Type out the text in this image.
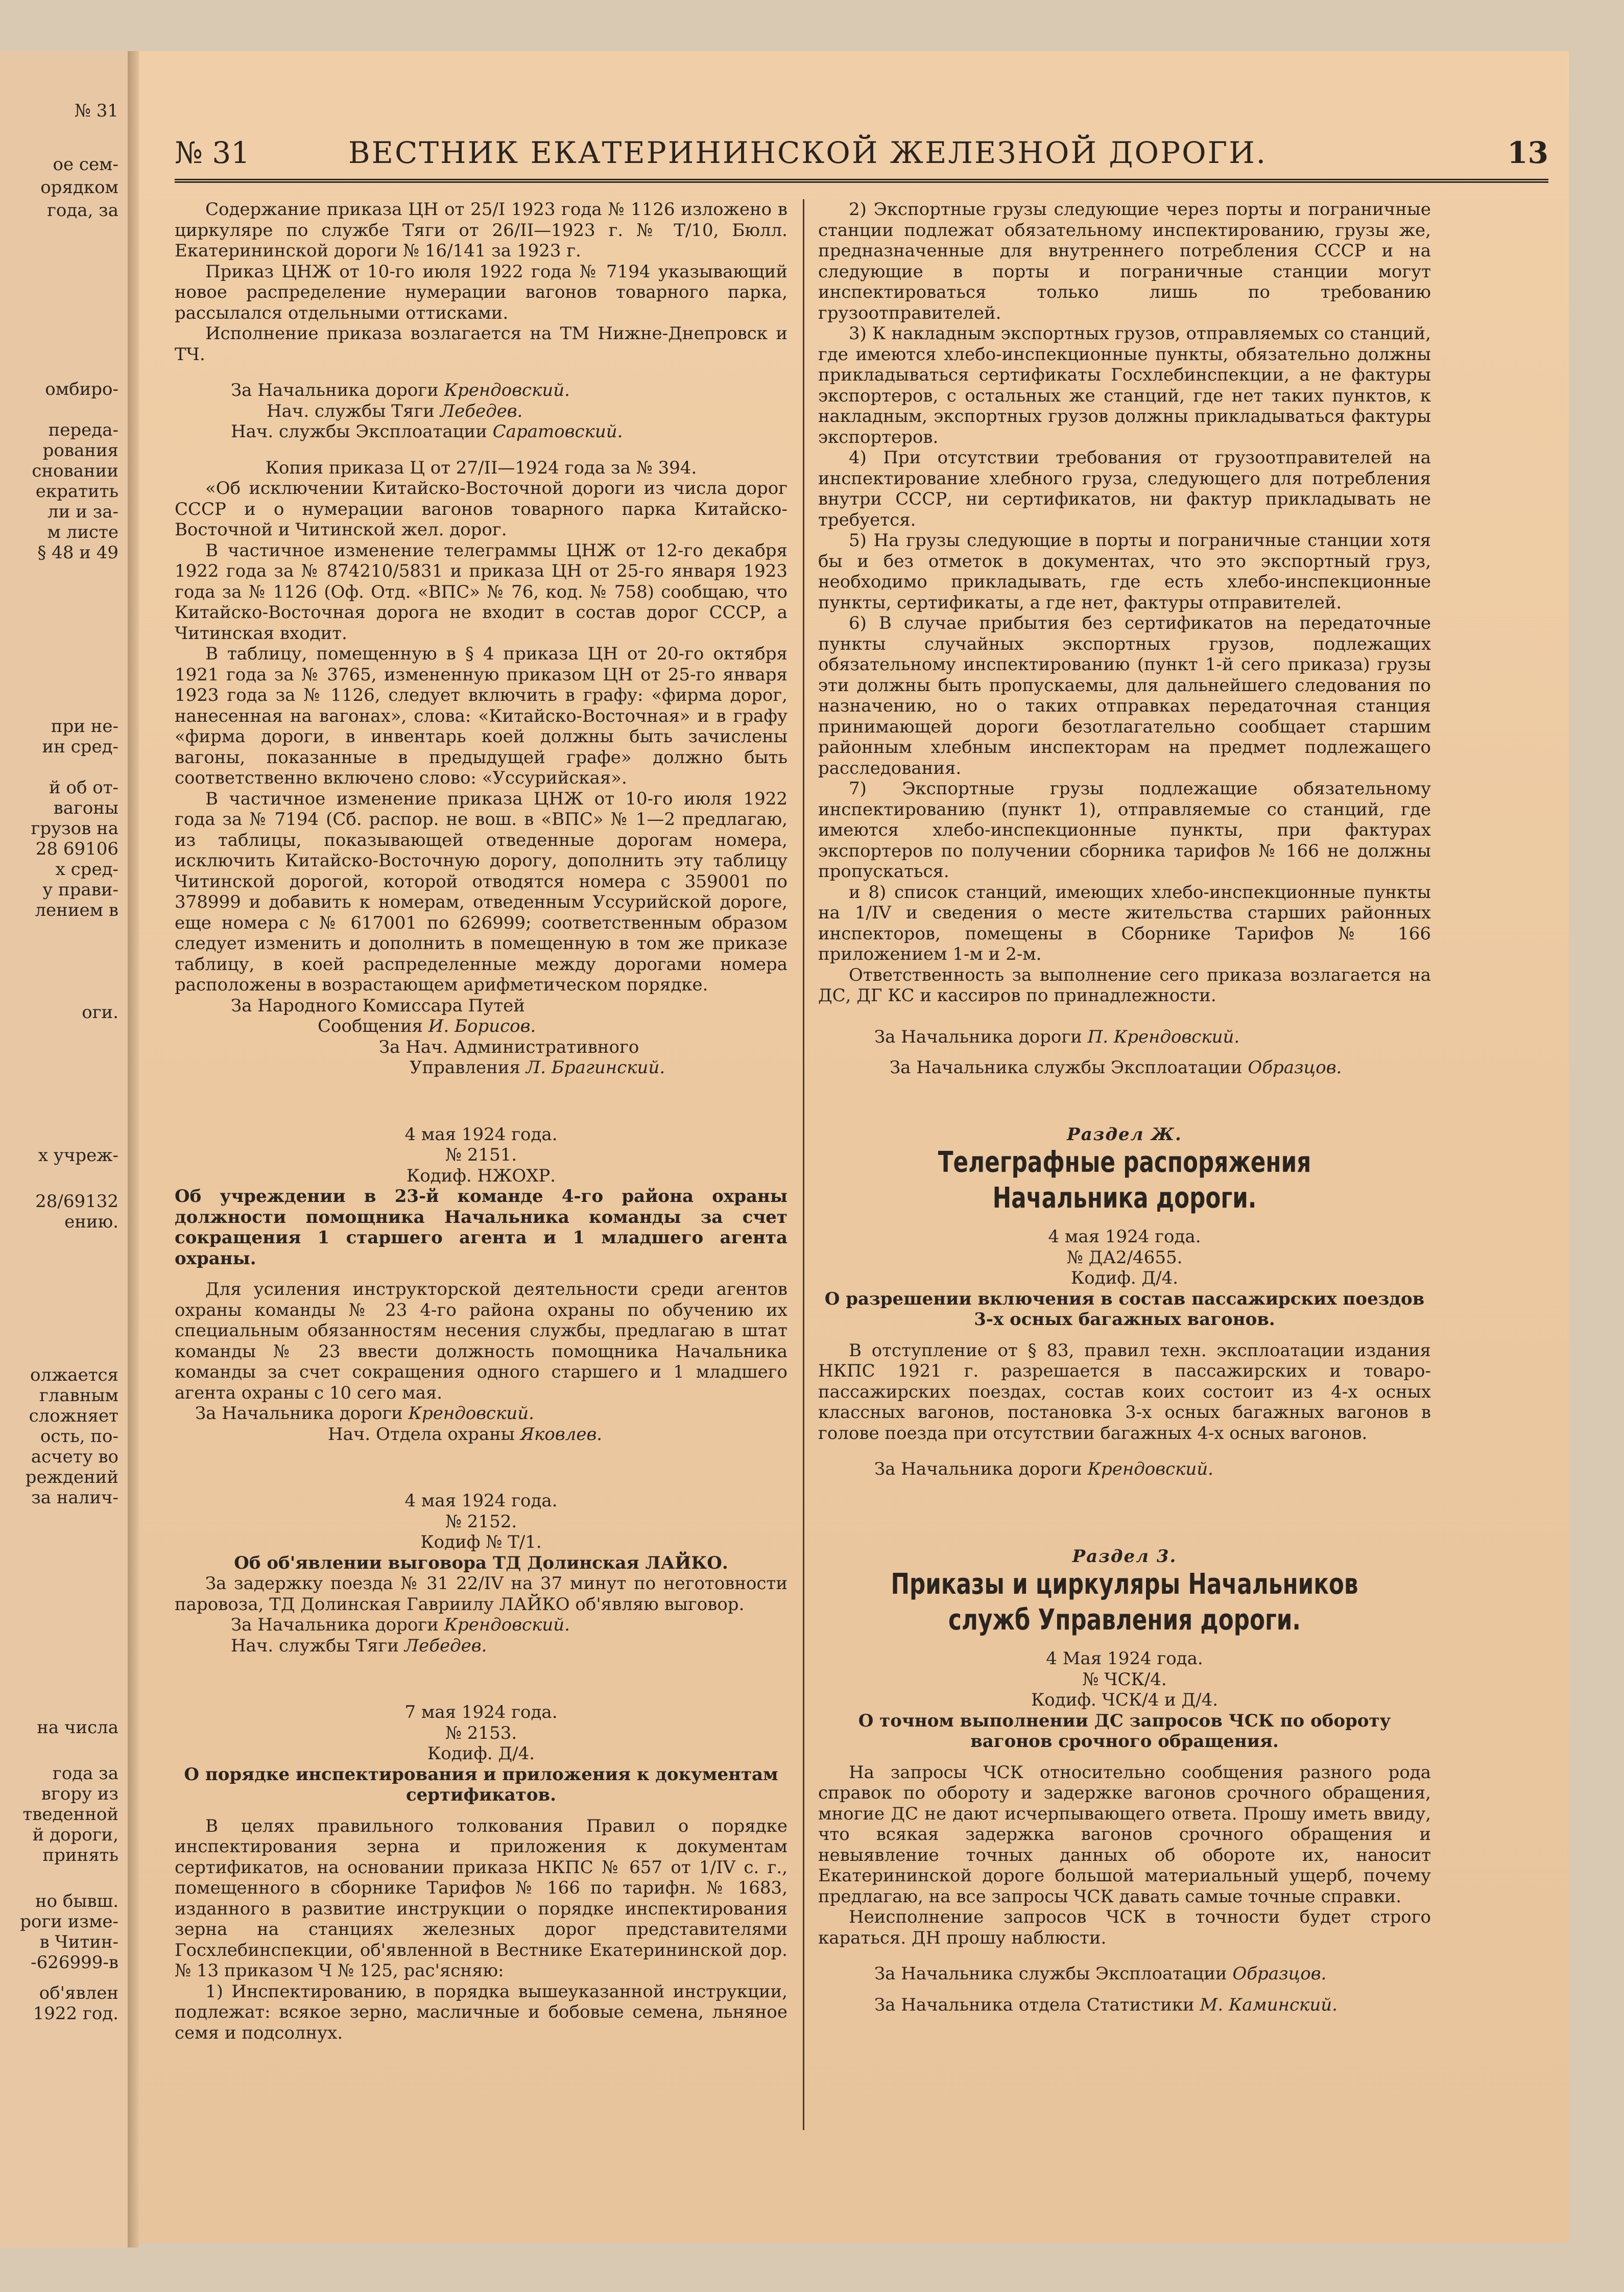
№ 31
ое сем-
орядком
года, за
омбиро-
переда-
рования
сновании
екратить
ли и за-
м листе
§ 48 и 49
при не-
ин сред-
й об от-
вагоны
грузов на
28 69106
х сред-
у прави-
лением в
оги.
х учреж-
28/69132
ению.
олжается
главным
сложняет
ость, по-
асчету во
реждений
за налич-
на числа
года за
вгору из
тведенной
й дороги,
принять
но бывш.
роги изме-
в Читин-
-626999-в
об'явлен
1922 год.
№ 31	ВЕСТНИК ЕКАТЕРИНИНСКОЙ ЖЕЛЕЗНОЙ ДОРОГИ.	13

Содержание приказа ЦН от 25/I 1923 года № 1126 изложено в циркуляре по службе Тяги от 26/II—1923 г. № Т/10, Бюлл. Екатерининской дороги № 16/141 за 1923 г.

Приказ ЦНЖ от 10-го июля 1922 года № 7194 указывающий новое распределение нумерации вагонов товарного парка, рассылался отдельными оттисками.

Исполнение приказа возлагается на ТМ Нижне-Днепровск и ТЧ.

За Начальника дороги Крендовский.

Нач. службы Тяги Лебедев.

Нач. службы Эксплоатации Саратовский.

Копия приказа Ц от 27/II—1924 года за № 394.

«Об исключении Китайско-Восточной дороги из числа дорог СССР и о нумерации вагонов товарного парка Китайско-Восточной и Читинской жел. дорог.

В частичное изменение телеграммы ЦНЖ от 12-го декабря 1922 года за № 874210/5831 и приказа ЦН от 25-го января 1923 года за № 1126 (Оф. Отд. «ВПС» № 76, код. № 758) сообщаю, что Китайско-Восточная дорога не входит в состав дорог СССР, а Читинская входит.

В таблицу, помещенную в § 4 приказа ЦН от 20-го октября 1921 года за № 3765, измененную приказом ЦН от 25-го января 1923 года за № 1126, следует включить в графу: «фирма дорог, нанесенная на вагонах», слова: «Китайско-Восточная» и в графу «фирма дороги, в инвентарь коей должны быть зачислены вагоны, показанные в предыдущей графе» должно быть соответственно включено слово: «Уссурийская».

В частичное изменение приказа ЦНЖ от 10-го июля 1922 года за № 7194 (Сб. распор. не вош. в «ВПС» № 1—2 предлагаю, из таблицы, показывающей отведенные дорогам номера, исключить Китайско-Восточную дорогу, дополнить эту таблицу Читинской дорогой, которой отводятся номера с 359001 по 378999 и добавить к номерам, отведенным Уссурийской дороге, еще номера с № 617001 по 626999; соответственным образом следует изменить и дополнить в помещенную в том же приказе таблицу, в коей распределенные между дорогами номера расположены в возрастающем арифметическом порядке.

За Народного Комиссара Путей

Сообщения И. Борисов.

За Нач. Административного

Управления Л. Брагинский.

4 мая 1924 года.

№ 2151.

Кодиф. НЖОХР.

Об учреждении в 23-й команде 4-го района охраны должности помощника Начальника команды за счет сокращения 1 старшего агента и 1 младшего агента охраны.

Для усиления инструкторской деятельности среди агентов охраны команды № 23 4-го района охраны по обучению их специальным обязанностям несения службы, предлагаю в штат команды № 23 ввести должность помощника Начальника команды за счет сокращения одного старшего и 1 младшего агента охраны с 10 сего мая.

За Начальника дороги Крендовский.

Нач. Отдела охраны Яковлев.

4 мая 1924 года.

№ 2152.

Кодиф № Т/1.

Об об'явлении выговора ТД Долинская ЛАЙКО.

За задержку поезда № 31 22/IV на 37 минут по неготовности паровоза, ТД Долинская Гавриилу ЛАЙКО об'являю выговор.

За Начальника дороги Крендовский.

Нач. службы Тяги Лебедев.

7 мая 1924 года.

№ 2153.

Кодиф. Д/4.

О порядке инспектирования и приложения к документам сертификатов.

В целях правильного толкования Правил о порядке инспектирования зерна и приложения к документам сертификатов, на основании приказа НКПС № 657 от 1/IV с. г., помещенного в сборнике Тарифов № 166 по тарифн. № 1683, изданного в развитие инструкции о порядке инспектирования зерна на станциях железных дорог представителями Госхлебинспекции, об'явленной в Вестнике Екатерининской дор. № 13 приказом Ч № 125, рас'ясняю:

1) Инспектированию, в порядка вышеуказанной инструкции, подлежат: всякое зерно, масличные и бобовые семена, льняное семя и подсолнух.

2) Экспортные грузы следующие через порты и пограничные станции подлежат обязательному инспектированию, грузы же, предназначенные для внутреннего потребления СССР и на следующие в порты и пограничные станции могут инспектироваться только лишь по требованию грузоотправителей.

3) К накладным экспортных грузов, отправляемых со станций, где имеются хлебо-инспекционные пункты, обязательно должны прикладываться сертификаты Госхлебинспекции, а не фактуры экспортеров, с остальных же станций, где нет таких пунктов, к накладным, экспортных грузов должны прикладываться фактуры экспортеров.

4) При отсутствии требования от грузоотправителей на инспектирование хлебного груза, следующего для потребления внутри СССР, ни сертификатов, ни фактур прикладывать не требуется.

5) На грузы следующие в порты и пограничные станции хотя бы и без отметок в документах, что это экспортный груз, необходимо прикладывать, где есть хлебо-инспекционные пункты, сертификаты, а где нет, фактуры отправителей.

6) В случае прибытия без сертификатов на передаточные пункты случайных экспортных грузов, подлежащих обязательному инспектированию (пункт 1-й сего приказа) грузы эти должны быть пропускаемы, для дальнейшего следования по назначению, но о таких отправках передаточная станция принимающей дороги безотлагательно сообщает старшим районным хлебным инспекторам на предмет подлежащего расследования.

7) Экспортные грузы подлежащие обязательному инспектированию (пункт 1), отправляемые со станций, где имеются хлебо-инспекционные пункты, при фактурах экспортеров по получении сборника тарифов № 166 не должны пропускаться.

и 8) список станций, имеющих хлебо-инспекционные пункты на 1/IV и сведения о месте жительства старших районных инспекторов, помещены в Сборнике Тарифов № 166 приложением 1-м и 2-м.

Ответственность за выполнение сего приказа возлагается на ДС, ДГ КС и кассиров по принадлежности.

За Начальника дороги П. Крендовский.

За Начальника службы Эксплоатации Образцов.

Раздел Ж.

Телеграфные распоряжения Начальника дороги.

4 мая 1924 года.

№ ДА2/4655.

Кодиф. Д/4.

О разрешении включения в состав пассажирских поездов 3-х осных багажных вагонов.

В отступление от § 83, правил техн. эксплоатации издания НКПС 1921 г. разрешается в пассажирских и товаро-пассажирских поездах, состав коих состоит из 4-х осных классных вагонов, постановка 3-х осных багажных вагонов в голове поезда при отсутствии багажных 4-х осных вагонов.

За Начальника дороги Крендовский.

Раздел 3.

Приказы и циркуляры Начальников служб Управления дороги.

4 Мая 1924 года.

№ ЧСК/4.

Кодиф. ЧСК/4 и Д/4.

О точном выполнении ДС запросов ЧСК по обороту вагонов срочного обращения.

На запросы ЧСК относительно сообщения разного рода справок по обороту и задержке вагонов срочного обращения, многие ДС не дают исчерпывающего ответа. Прошу иметь ввиду, что всякая задержка вагонов срочного обращения и невыявление точных данных об обороте их, наносит Екатерининской дороге большой материальный ущерб, почему предлагаю, на все запросы ЧСК давать самые точные справки.

Неисполнение запросов ЧСК в точности будет строго караться. ДН прошу наблюсти.

За Начальника службы Эксплоатации Образцов.

За Начальника отдела Статистики М. Каминский.
